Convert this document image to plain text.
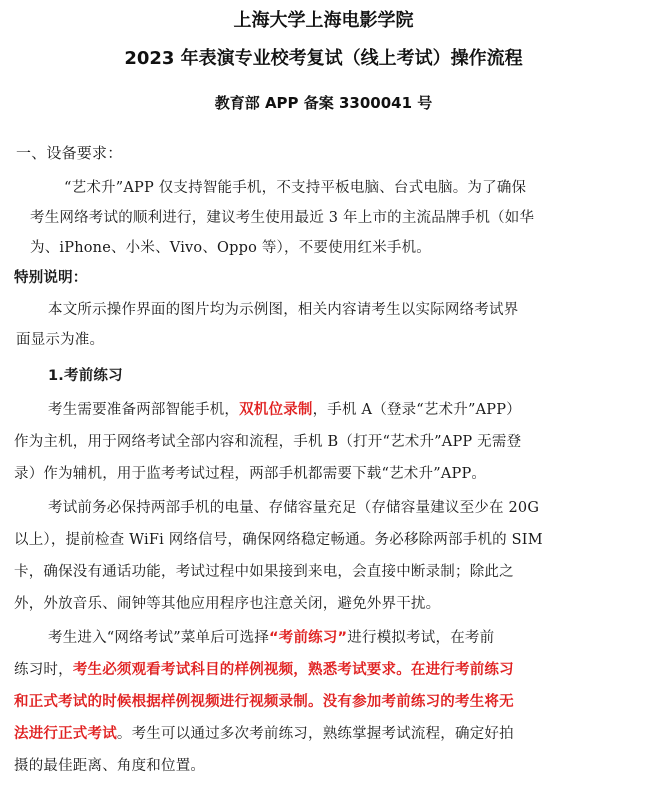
上海大学上海电影学院
2023 年表演专业校考复试（线上考试）操作流程
教育部 APP 备案 3300041 号
一、设备要求：
“艺术升”APP 仅支持智能手机，不支持平板电脑、台式电脑。为了确保
考生网络考试的顺利进行，建议考生使用最近 3 年上市的主流品牌手机（如华
为、iPhone、小米、Vivo、Oppo 等），不要使用红米手机。
特别说明：
本文所示操作界面的图片均为示例图，相关内容请考生以实际网络考试界
面显示为准。
1.考前练习
考生需要准备两部智能手机，双机位录制，手机 A（登录“艺术升”APP）
作为主机，用于网络考试全部内容和流程，手机 B（打开“艺术升”APP 无需登
录）作为辅机，用于监考考试过程，两部手机都需要下载“艺术升”APP。
考试前务必保持两部手机的电量、存储容量充足（存储容量建议至少在 20G
以上），提前检查 WiFi 网络信号，确保网络稳定畅通。务必移除两部手机的 SIM
卡，确保没有通话功能，考试过程中如果接到来电，会直接中断录制；除此之
外，外放音乐、闹钟等其他应用程序也注意关闭，避免外界干扰。
考生进入“网络考试”菜单后可选择“考前练习”进行模拟考试，在考前
练习时，考生必须观看考试科目的样例视频，熟悉考试要求。在进行考前练习
和正式考试的时候根据样例视频进行视频录制。没有参加考前练习的考生将无
法进行正式考试。考生可以通过多次考前练习，熟练掌握考试流程，确定好拍
摄的最佳距离、角度和位置。
